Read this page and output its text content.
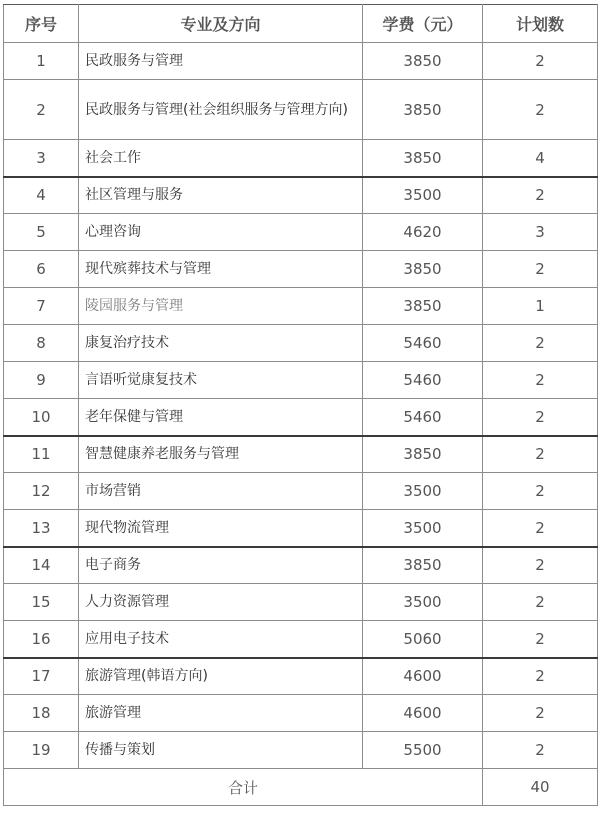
序号	专业及方向	学费（元）	计划数
1	民政服务与管理	3850	2
2	民政服务与管理(社会组织服务与管理方向)	3850	2
3	社会工作	3850	4
4	社区管理与服务	3500	2
5	心理咨询	4620	3
6	现代殡葬技术与管理	3850	2
7	陵园服务与管理	3850	1
8	康复治疗技术	5460	2
9	言语听觉康复技术	5460	2
10	老年保健与管理	5460	2
11	智慧健康养老服务与管理	3850	2
12	市场营销	3500	2
13	现代物流管理	3500	2
14	电子商务	3850	2
15	人力资源管理	3500	2
16	应用电子技术	5060	2
17	旅游管理(韩语方向)	4600	2
18	旅游管理	4600	2
19	传播与策划	5500	2
合计			40
